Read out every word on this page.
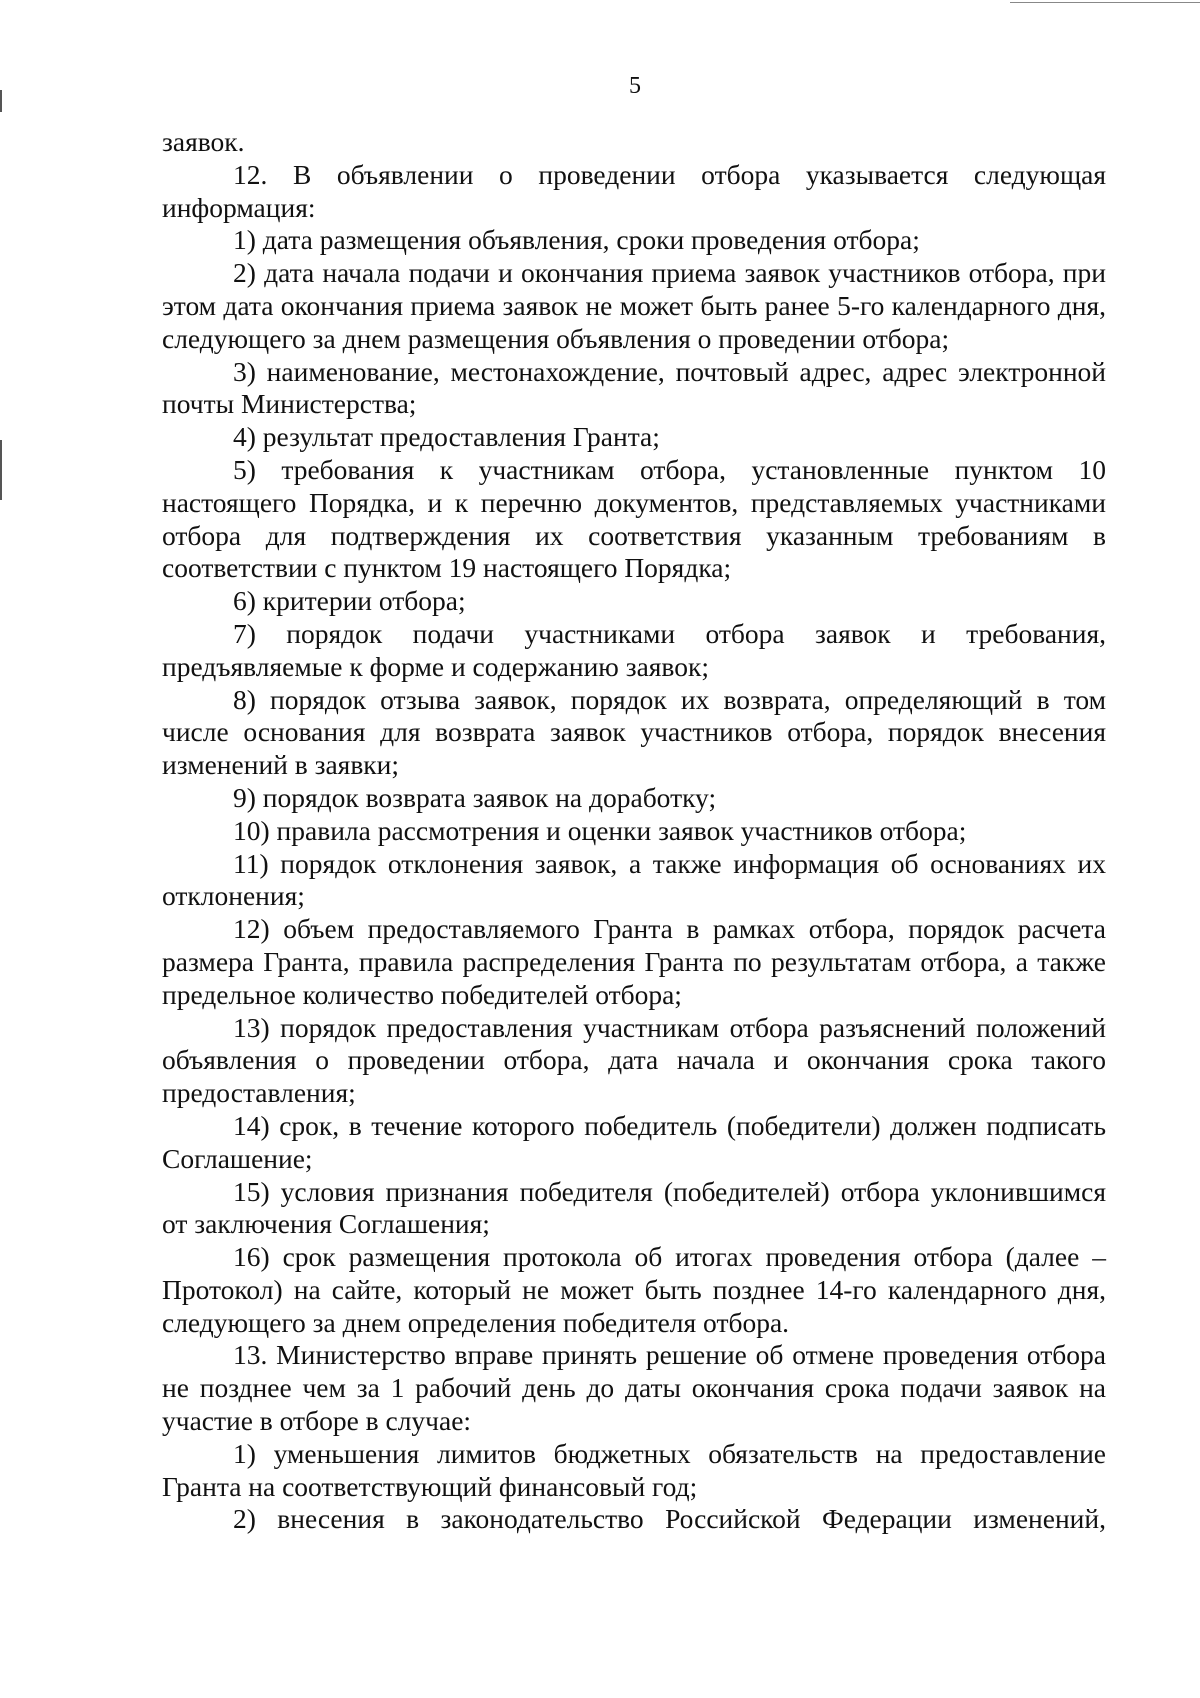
5

заявок.

12. В объявлении о проведении отбора указывается следующая информация:

1) дата размещения объявления, сроки проведения отбора;

2) дата начала подачи и окончания приема заявок участников отбора, при этом дата окончания приема заявок не может быть ранее 5-го календарного дня, следующего за днем размещения объявления о проведении отбора;

3) наименование, местонахождение, почтовый адрес, адрес электронной почты Министерства;

4) результат предоставления Гранта;

5) требования к участникам отбора, установленные пунктом 10 настоящего Порядка, и к перечню документов, представляемых участниками отбора для подтверждения их соответствия указанным требованиям в соответствии с пунктом 19 настоящего Порядка;

6) критерии отбора;

7) порядок подачи участниками отбора заявок и требования, предъявляемые к форме и содержанию заявок;

8) порядок отзыва заявок, порядок их возврата, определяющий в том числе основания для возврата заявок участников отбора, порядок внесения изменений в заявки;

9) порядок возврата заявок на доработку;

10) правила рассмотрения и оценки заявок участников отбора;

11) порядок отклонения заявок, а также информация об основаниях их отклонения;

12) объем предоставляемого Гранта в рамках отбора, порядок расчета размера Гранта, правила распределения Гранта по результатам отбора, а также предельное количество победителей отбора;

13) порядок предоставления участникам отбора разъяснений положений объявления о проведении отбора, дата начала и окончания срока такого предоставления;

14) срок, в течение которого победитель (победители) должен подписать Соглашение;

15) условия признания победителя (победителей) отбора уклонившимся от заключения Соглашения;

16) срок размещения протокола об итогах проведения отбора (далее – Протокол) на сайте, который не может быть позднее 14-го календарного дня, следующего за днем определения победителя отбора.

13. Министерство вправе принять решение об отмене проведения отбора не позднее чем за 1 рабочий день до даты окончания срока подачи заявок на участие в отборе в случае:

1) уменьшения лимитов бюджетных обязательств на предоставление Гранта на соответствующий финансовый год;

2) внесения в законодательство Российской Федерации изменений,
